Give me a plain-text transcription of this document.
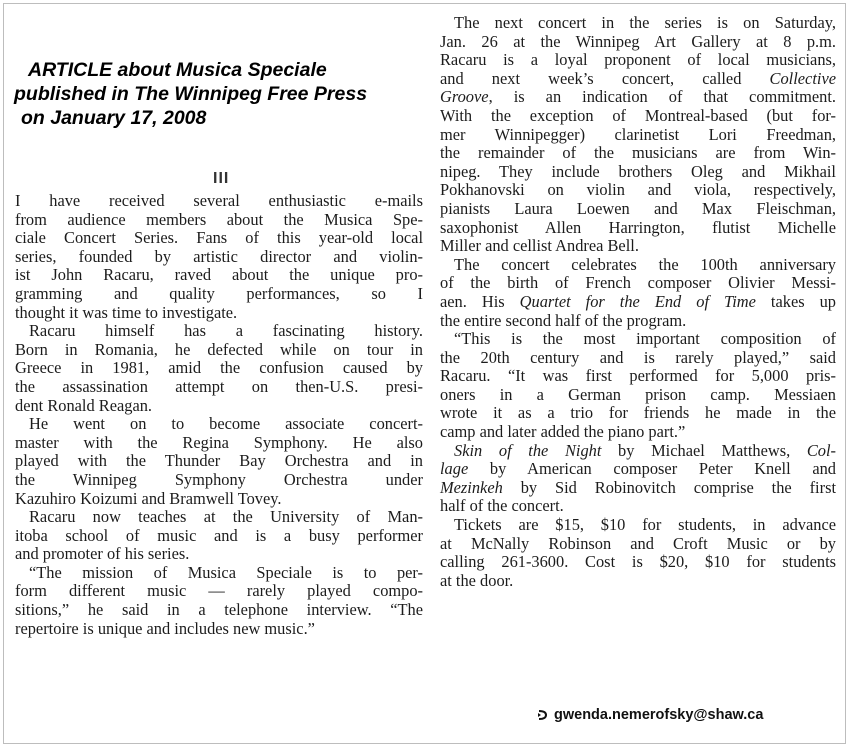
ARTICLE about Musica Speciale
published in The Winnipeg Free Press
on January 17, 2008
III
I have received several enthusiastic e-mails
from audience members about the Musica Spe-
ciale Concert Series. Fans of this year-old local
series, founded by artistic director and violin-
ist John Racaru, raved about the unique pro-
gramming and quality performances, so I
thought it was time to investigate.
Racaru himself has a fascinating history.
Born in Romania, he defected while on tour in
Greece in 1981, amid the confusion caused by
the assassination attempt on then-U.S. presi-
dent Ronald Reagan.
He went on to become associate concert-
master with the Regina Symphony. He also
played with the Thunder Bay Orchestra and in
the Winnipeg Symphony Orchestra under
Kazuhiro Koizumi and Bramwell Tovey.
Racaru now teaches at the University of Man-
itoba school of music and is a busy performer
and promoter of his series.
“The mission of Musica Speciale is to per-
form different music — rarely played compo-
sitions,” he said in a telephone interview. “The
repertoire is unique and includes new music.”
The next concert in the series is on Saturday,
Jan. 26 at the Winnipeg Art Gallery at 8 p.m.
Racaru is a loyal proponent of local musicians,
and next week’s concert, called Collective
Groove, is an indication of that commitment.
With the exception of Montreal-based (but for-
mer Winnipegger) clarinetist Lori Freedman,
the remainder of the musicians are from Win-
nipeg. They include brothers Oleg and Mikhail
Pokhanovski on violin and viola, respectively,
pianists Laura Loewen and Max Fleischman,
saxophonist Allen Harrington, flutist Michelle
Miller and cellist Andrea Bell.
The concert celebrates the 100th anniversary
of the birth of French composer Olivier Messi-
aen. His Quartet for the End of Time takes up
the entire second half of the program.
“This is the most important composition of
the 20th century and is rarely played,” said
Racaru. “It was first performed for 5,000 pris-
oners in a German prison camp. Messiaen
wrote it as a trio for friends he made in the
camp and later added the piano part.”
Skin of the Night by Michael Matthews, Col-
lage by American composer Peter Knell and
Mezinkeh by Sid Robinovitch comprise the first
half of the concert.
Tickets are $15, $10 for students, in advance
at McNally Robinson and Croft Music or by
calling 261-3600. Cost is $20, $10 for students
at the door.
gwenda.nemerofsky@shaw.ca
